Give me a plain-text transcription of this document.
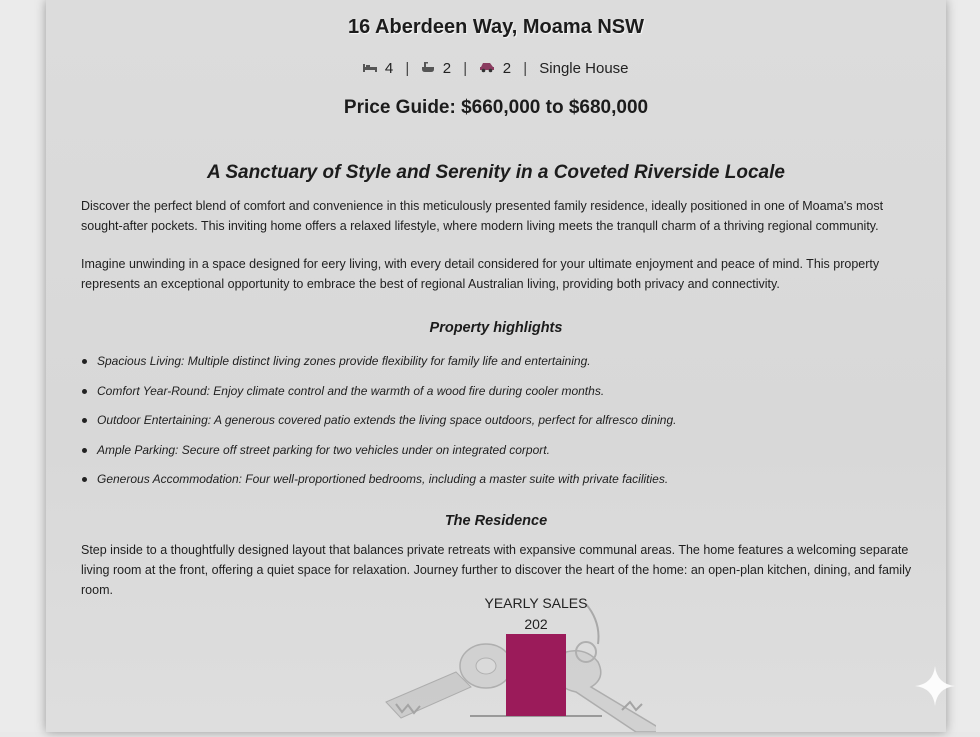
16 Aberdeen Way, Moama NSW
4 | 2 | 2 | Single House
Price Guide: $660,000 to $680,000
A Sanctuary of Style and Serenity in a Coveted Riverside Locale

Discover the perfect blend of comfort and convenience in this meticulously presented family residence, ideally positioned in one of Moama's most sought-after pockets. This inviting home offers a relaxed lifestyle, where modern living meets the tranqull charm of a thriving regional community.

Imagine unwinding in a space designed for eery living, with every detail considered for your ultimate enjoyment and peace of mind. This property represents an exceptional opportunity to embrace the best of regional Australian living, providing both privacy and connectivity.

Property highlights
Spacious Living: Multiple distinct living zones provide flexibility for family life and entertaining.
Comfort Year-Round: Enjoy climate control and the warmth of a wood fire during cooler months.
Outdoor Entertaining: A generous covered patio extends the living space outdoors, perfect for alfresco dining.
Ample Parking: Secure off street parking for two vehicles under on integrated corport.
Generous Accommodation: Four well-proportioned bedrooms, including a master suite with private facilities.
The Residence

Step inside to a thoughtfully designed layout that balances private retreats with expansive communal areas. The home features a welcoming separate living room at the front, offering a quiet space for relaxation. Journey further to discover the heart of the home: an open-plan kitchen, dining, and family room.

YEARLY SALES
202
